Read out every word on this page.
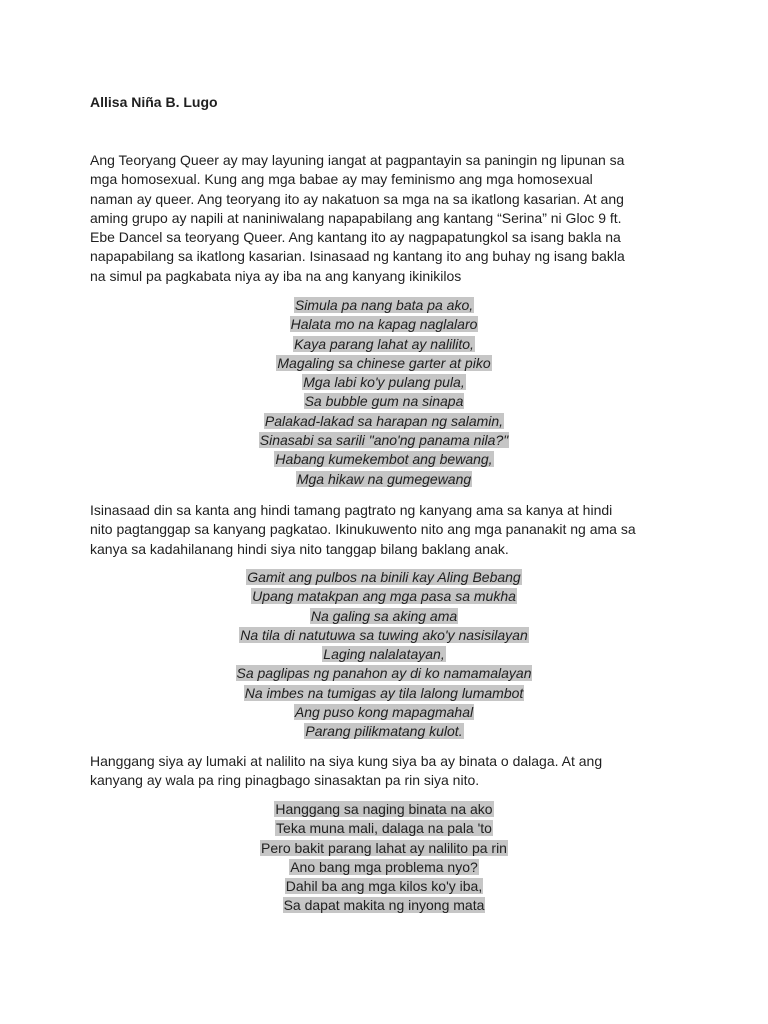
Allisa Niña B. Lugo

Ang Teoryang Queer ay may layuning iangat at pagpantayin sa paningin ng lipunan sa
mga homosexual. Kung ang mga babae ay may feminismo ang mga homosexual
naman ay queer. Ang teoryang ito ay nakatuon sa mga na sa ikatlong kasarian. At ang
aming grupo ay napili at naniniwalang napapabilang ang kantang “Serina” ni Gloc 9 ft.
Ebe Dancel sa teoryang Queer. Ang kantang ito ay nagpapatungkol sa isang bakla na
napapabilang sa ikatlong kasarian. Isinasaad ng kantang ito ang buhay ng isang bakla
na simul pa pagkabata niya ay iba na ang kanyang ikinikilos
Simula pa nang bata pa ako,
Halata mo na kapag naglalaro
Kaya parang lahat ay nalilito,
Magaling sa chinese garter at piko
Mga labi ko'y pulang pula,
Sa bubble gum na sinapa
Palakad-lakad sa harapan ng salamin,
Sinasabi sa sarili "ano'ng panama nila?"
Habang kumekembot ang bewang,
Mga hikaw na gumegewang
Isinasaad din sa kanta ang hindi tamang pagtrato ng kanyang ama sa kanya at hindi
nito pagtanggap sa kanyang pagkatao. Ikinukuwento nito ang mga pananakit ng ama sa
kanya sa kadahilanang hindi siya nito tanggap bilang baklang anak.
Gamit ang pulbos na binili kay Aling Bebang
Upang matakpan ang mga pasa sa mukha
Na galing sa aking ama
Na tila di natutuwa sa tuwing ako'y nasisilayan
Laging nalalatayan,
Sa paglipas ng panahon ay di ko namamalayan
Na imbes na tumigas ay tila lalong lumambot
Ang puso kong mapagmahal
Parang pilikmatang kulot.
Hanggang siya ay lumaki at nalilito na siya kung siya ba ay binata o dalaga. At ang
kanyang ay wala pa ring pinagbago sinasaktan pa rin siya nito.
Hanggang sa naging binata na ako
Teka muna mali, dalaga na pala 'to
Pero bakit parang lahat ay nalilito pa rin
Ano bang mga problema nyo?
Dahil ba ang mga kilos ko'y iba,
Sa dapat makita ng inyong mata
